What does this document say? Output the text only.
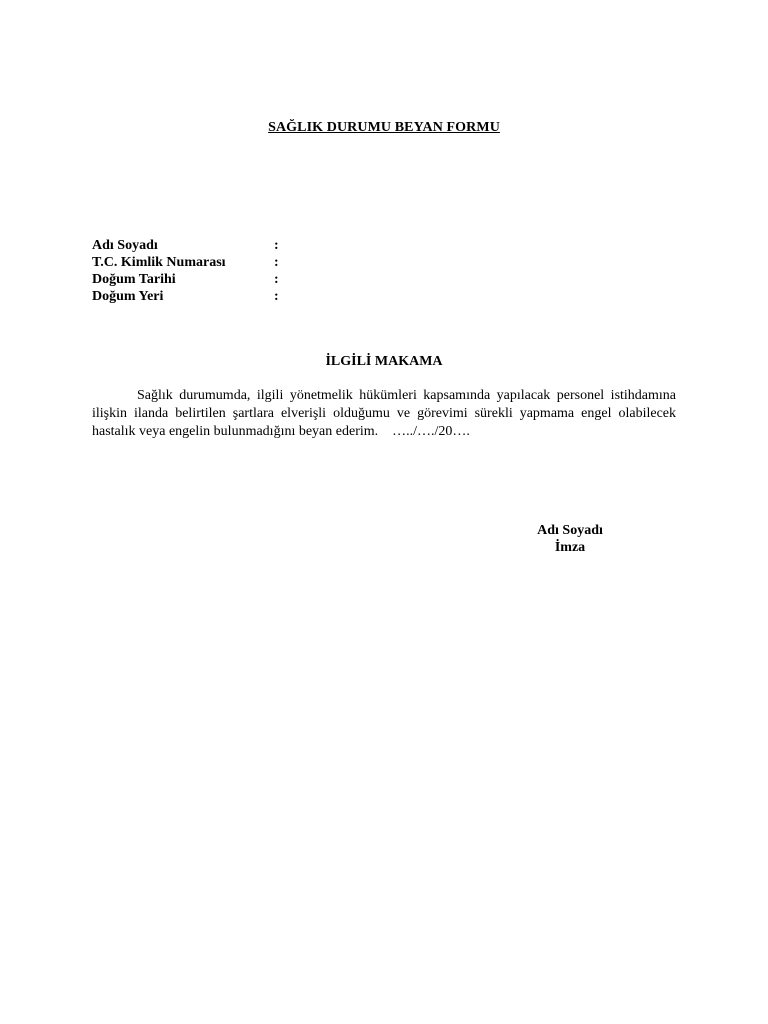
SAĞLIK DURUMU BEYAN FORMU
Adı Soyadı	:
T.C. Kimlik Numarası	:
Doğum Tarihi	:
Doğum Yeri	:
İLGİLİ MAKAMA
Sağlık durumumda, ilgili yönetmelik hükümleri kapsamında yapılacak personel istihdamına ilişkin ilanda belirtilen şartlara elverişli olduğumu ve görevimi sürekli yapmama engel olabilecek hastalık veya engelin bulunmadığını beyan ederim. …../…./20….
Adı Soyadı
İmza
